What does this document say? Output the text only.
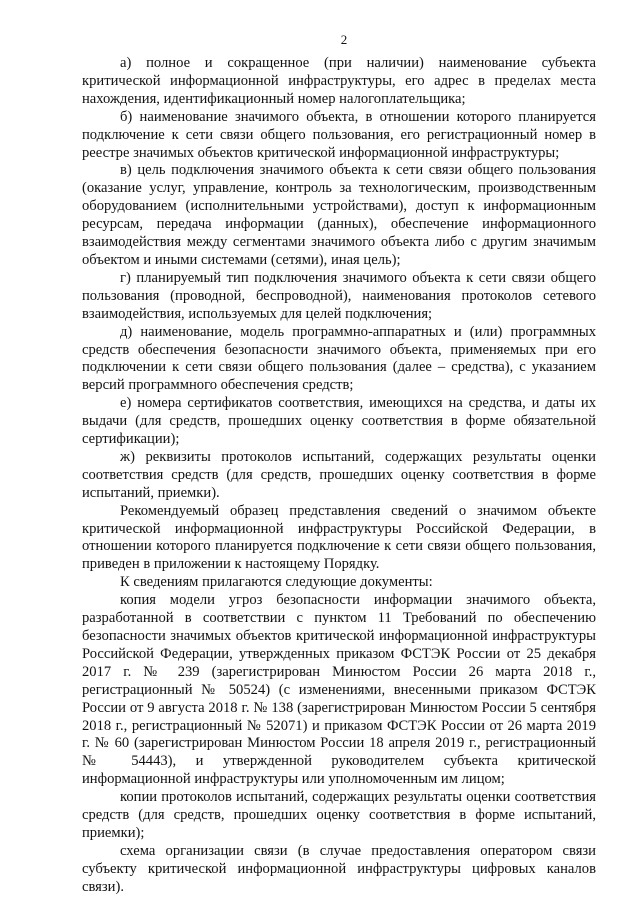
2

а) полное и сокращенное (при наличии) наименование субъекта критической информационной инфраструктуры, его адрес в пределах места нахождения, идентификационный номер налогоплательщика;

б) наименование значимого объекта, в отношении которого планируется подключение к сети связи общего пользования, его регистрационный номер в реестре значимых объектов критической информационной инфраструктуры;

в) цель подключения значимого объекта к сети связи общего пользования (оказание услуг, управление, контроль за технологическим, производственным оборудованием (исполнительными устройствами), доступ к информационным ресурсам, передача информации (данных), обеспечение информационного взаимодействия между сегментами значимого объекта либо с другим значимым объектом и иными системами (сетями), иная цель);

г) планируемый тип подключения значимого объекта к сети связи общего пользования (проводной, беспроводной), наименования протоколов сетевого взаимодействия, используемых для целей подключения;

д) наименование, модель программно-аппаратных и (или) программных средств обеспечения безопасности значимого объекта, применяемых при его подключении к сети связи общего пользования (далее – средства), с указанием версий программного обеспечения средств;

е) номера сертификатов соответствия, имеющихся на средства, и даты их выдачи (для средств, прошедших оценку соответствия в форме обязательной сертификации);

ж) реквизиты протоколов испытаний, содержащих результаты оценки соответствия средств (для средств, прошедших оценку соответствия в форме испытаний, приемки).

Рекомендуемый образец представления сведений о значимом объекте критической информационной инфраструктуры Российской Федерации, в отношении которого планируется подключение к сети связи общего пользования, приведен в приложении к настоящему Порядку.

К сведениям прилагаются следующие документы:

копия модели угроз безопасности информации значимого объекта, разработанной в соответствии с пунктом 11 Требований по обеспечению безопасности значимых объектов критической информационной инфраструктуры Российской Федерации, утвержденных приказом ФСТЭК России от 25 декабря 2017 г. № 239 (зарегистрирован Минюстом России 26 марта 2018 г., регистрационный № 50524) (с изменениями, внесенными приказом ФСТЭК России от 9 августа 2018 г. № 138 (зарегистрирован Минюстом России 5 сентября 2018 г., регистрационный № 52071) и приказом ФСТЭК России от 26 марта 2019 г. № 60 (зарегистрирован Минюстом России 18 апреля 2019 г., регистрационный № 54443), и утвержденной руководителем субъекта критической информационной инфраструктуры или уполномоченным им лицом;

копии протоколов испытаний, содержащих результаты оценки соответствия средств (для средств, прошедших оценку соответствия в форме испытаний, приемки);

схема организации связи (в случае предоставления оператором связи субъекту критической информационной инфраструктуры цифровых каналов связи).
